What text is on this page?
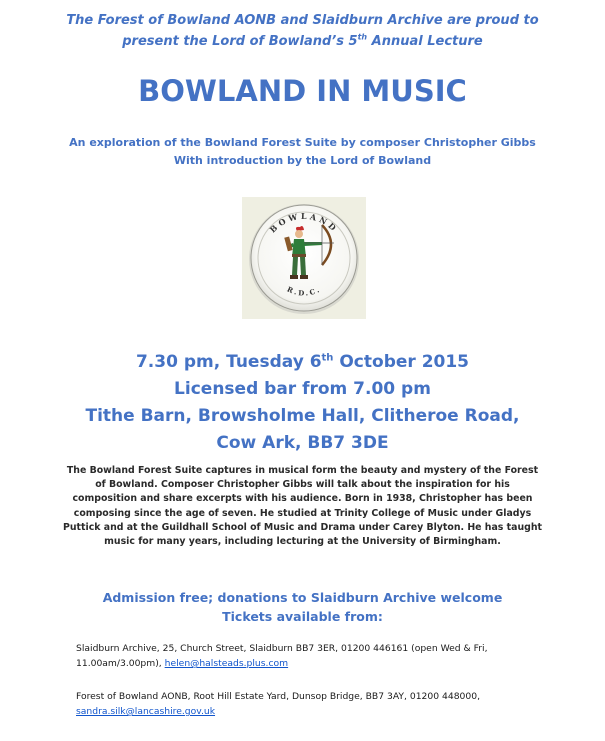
The Forest of Bowland AONB and Slaidburn Archive are proud to
present the Lord of Bowland’s 5th Annual Lecture
BOWLAND IN MUSIC
An exploration of the Bowland Forest Suite by composer Christopher Gibbs
With introduction by the Lord of Bowland
BOWLAND
R.D.C.
7.30 pm, Tuesday 6th October 2015
Licensed bar from 7.00 pm
Tithe Barn, Browsholme Hall, Clitheroe Road,
Cow Ark, BB7 3DE
The Bowland Forest Suite captures in musical form the beauty and mystery of the Forest
of Bowland. Composer Christopher Gibbs will talk about the inspiration for his
composition and share excerpts with his audience. Born in 1938, Christopher has been
composing since the age of seven. He studied at Trinity College of Music under Gladys
Puttick and at the Guildhall School of Music and Drama under Carey Blyton. He has taught
music for many years, including lecturing at the University of Birmingham.
Admission free; donations to Slaidburn Archive welcome
Tickets available from:
Slaidburn Archive, 25, Church Street, Slaidburn BB7 3ER, 01200 446161 (open Wed & Fri,
11.00am/3.00pm), helen@halsteads.plus.com
Forest of Bowland AONB, Root Hill Estate Yard, Dunsop Bridge, BB7 3AY, 01200 448000,
sandra.silk@lancashire.gov.uk
